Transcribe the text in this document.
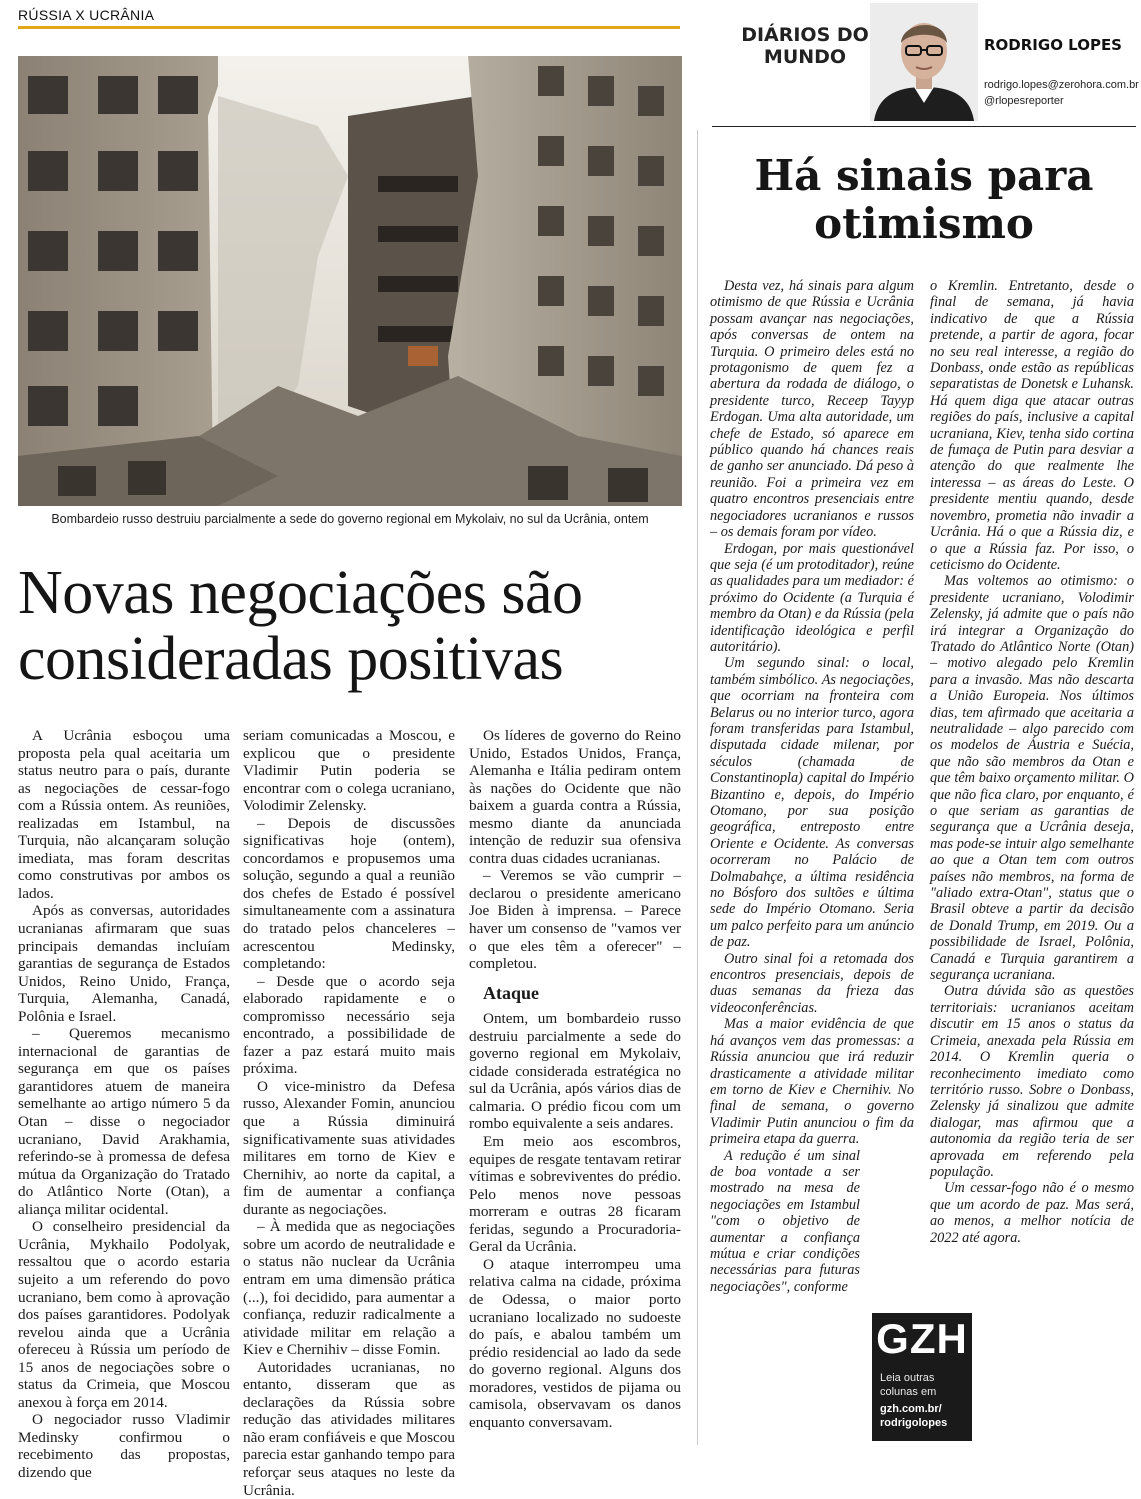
RÚSSIA X UCRÂNIA
Bombardeio russo destruiu parcialmente a sede do governo regional em Mykolaiv, no sul da Ucrânia, ontem
Novas negociações são consideradas positivas

A Ucrânia esboçou uma proposta pela qual aceitaria um status neutro para o país, durante as negociações de cessar-fogo com a Rússia ontem. As reuniões, realizadas em Istambul, na Turquia, não alcançaram solução imediata, mas foram descritas como construtivas por ambos os lados.

Após as conversas, autoridades ucranianas afirmaram que suas principais demandas incluíam garantias de segurança de Estados Unidos, Reino Unido, França, Turquia, Alemanha, Canadá, Polônia e Israel.

– Queremos mecanismo internacional de garantias de segurança em que os países garantidores atuem de maneira semelhante ao artigo número 5 da Otan – disse o negociador ucraniano, David Arakhamia, referindo-se à promessa de defesa mútua da Organização do Tratado do Atlântico Norte (Otan), a aliança militar ocidental.

O conselheiro presidencial da Ucrânia, Mykhailo Podolyak, ressaltou que o acordo estaria sujeito a um referendo do povo ucraniano, bem como à aprovação dos países garantidores. Podolyak revelou ainda que a Ucrânia ofereceu à Rússia um período de 15 anos de negociações sobre o status da Crimeia, que Moscou anexou à força em 2014.

O negociador russo Vladimir Medinsky confirmou o recebimento das propostas, dizendo que

seriam comunicadas a Moscou, e explicou que o presidente Vladimir Putin poderia se encontrar com o colega ucraniano, Volodimir Zelensky.

– Depois de discussões significativas hoje (ontem), concordamos e propusemos uma solução, segundo a qual a reunião dos chefes de Estado é possível simultaneamente com a assinatura do tratado pelos chanceleres – acrescentou Medinsky, completando:

– Desde que o acordo seja elaborado rapidamente e o compromisso necessário seja encontrado, a possibilidade de fazer a paz estará muito mais próxima.

O vice-ministro da Defesa russo, Alexander Fomin, anunciou que a Rússia diminuirá significativamente suas atividades militares em torno de Kiev e Chernihiv, ao norte da capital, a fim de aumentar a confiança durante as negociações.

– À medida que as negociações sobre um acordo de neutralidade e o status não nuclear da Ucrânia entram em uma dimensão prática (...), foi decidido, para aumentar a confiança, reduzir radicalmente a atividade militar em relação a Kiev e Chernihiv – disse Fomin.

Autoridades ucranianas, no entanto, disseram que as declarações da Rússia sobre redução das atividades militares não eram confiáveis e que Moscou parecia estar ganhando tempo para reforçar seus ataques no leste da Ucrânia.

Os líderes de governo do Reino Unido, Estados Unidos, França, Alemanha e Itália pediram ontem às nações do Ocidente que não baixem a guarda contra a Rússia, mesmo diante da anunciada intenção de reduzir sua ofensiva contra duas cidades ucranianas.

– Veremos se vão cumprir – declarou o presidente americano Joe Biden à imprensa. – Parece haver um consenso de "vamos ver o que eles têm a oferecer" – completou.

Ataque

Ontem, um bombardeio russo destruiu parcialmente a sede do governo regional em Mykolaiv, cidade considerada estratégica no sul da Ucrânia, após vários dias de calmaria. O prédio ficou com um rombo equivalente a seis andares.

Em meio aos escombros, equipes de resgate tentavam retirar vítimas e sobreviventes do prédio. Pelo menos nove pessoas morreram e outras 28 ficaram feridas, segundo a Procuradoria-Geral da Ucrânia.

O ataque interrompeu uma relativa calma na cidade, próxima de Odessa, o maior porto ucraniano localizado no sudoeste do país, e abalou também um prédio residencial ao lado da sede do governo regional. Alguns dos moradores, vestidos de pijama ou camisola, observavam os danos enquanto conversavam.

DIÁRIOS DO
MUNDO
RODRIGO LOPES
rodrigo.lopes@zerohora.com.br
@rlopesreporter
Há sinais para otimismo

Desta vez, há sinais para algum otimismo de que Rússia e Ucrânia possam avançar nas negociações, após conversas de ontem na Turquia. O primeiro deles está no protagonismo de quem fez a abertura da rodada de diálogo, o presidente turco, Receep Tayyp Erdogan. Uma alta autoridade, um chefe de Estado, só aparece em público quando há chances reais de ganho ser anunciado. Dá peso à reunião. Foi a primeira vez em quatro encontros presenciais entre negociadores ucranianos e russos – os demais foram por vídeo.

Erdogan, por mais questionável que seja (é um protoditador), reúne as qualidades para um mediador: é próximo do Ocidente (a Turquia é membro da Otan) e da Rússia (pela identificação ideológica e perfil autoritário).

Um segundo sinal: o local, também simbólico. As negociações, que ocorriam na fronteira com Belarus ou no interior turco, agora foram transferidas para Istambul, disputada cidade milenar, por séculos (chamada de Constantinopla) capital do Império Bizantino e, depois, do Império Otomano, por sua posição geográfica, entreposto entre Oriente e Ocidente. As conversas ocorreram no Palácio de Dolmabahçe, a última residência no Bósforo dos sultões e última sede do Império Otomano. Seria um palco perfeito para um anúncio de paz.

Outro sinal foi a retomada dos encontros presenciais, depois de duas semanas da frieza das videoconferências.

Mas a maior evidência de que há avanços vem das promessas: a Rússia anunciou que irá reduzir drasticamente a atividade militar em torno de Kiev e Chernihiv. No final de semana, o governo Vladimir Putin anunciou o fim da primeira etapa da guerra.

A redução é um sinal de boa vontade a ser mostrado na mesa de negociações em Istambul "com o objetivo de aumentar a confiança mútua e criar condições necessárias para futuras negociações", conforme

o Kremlin. Entretanto, desde o final de semana, já havia indicativo de que a Rússia pretende, a partir de agora, focar no seu real interesse, a região do Donbass, onde estão as repúblicas separatistas de Donetsk e Luhansk. Há quem diga que atacar outras regiões do país, inclusive a capital ucraniana, Kiev, tenha sido cortina de fumaça de Putin para desviar a atenção do que realmente lhe interessa – as áreas do Leste. O presidente mentiu quando, desde novembro, prometia não invadir a Ucrânia. Há o que a Rússia diz, e o que a Rússia faz. Por isso, o ceticismo do Ocidente.

Mas voltemos ao otimismo: o presidente ucraniano, Volodimir Zelensky, já admite que o país não irá integrar a Organização do Tratado do Atlântico Norte (Otan) – motivo alegado pelo Kremlin para a invasão. Mas não descarta a União Europeia. Nos últimos dias, tem afirmado que aceitaria a neutralidade – algo parecido com os modelos de Áustria e Suécia, que não são membros da Otan e que têm baixo orçamento militar. O que não fica claro, por enquanto, é o que seriam as garantias de segurança que a Ucrânia deseja, mas pode-se intuir algo semelhante ao que a Otan tem com outros países não membros, na forma de "aliado extra-Otan", status que o Brasil obteve a partir da decisão de Donald Trump, em 2019. Ou a possibilidade de Israel, Polônia, Canadá e Turquia garantirem a segurança ucraniana.

Outra dúvida são as questões territoriais: ucranianos aceitam discutir em 15 anos o status da Crimeia, anexada pela Rússia em 2014. O Kremlin queria o reconhecimento imediato como território russo. Sobre o Donbass, Zelensky já sinalizou que admite dialogar, mas afirmou que a autonomia da região teria de ser aprovada em referendo pela população.

Um cessar-fogo não é o mesmo que um acordo de paz. Mas será, ao menos, a melhor notícia de 2022 até agora.

GZH
Leia outras colunas em
gzh.com.br/ rodrigolopes
